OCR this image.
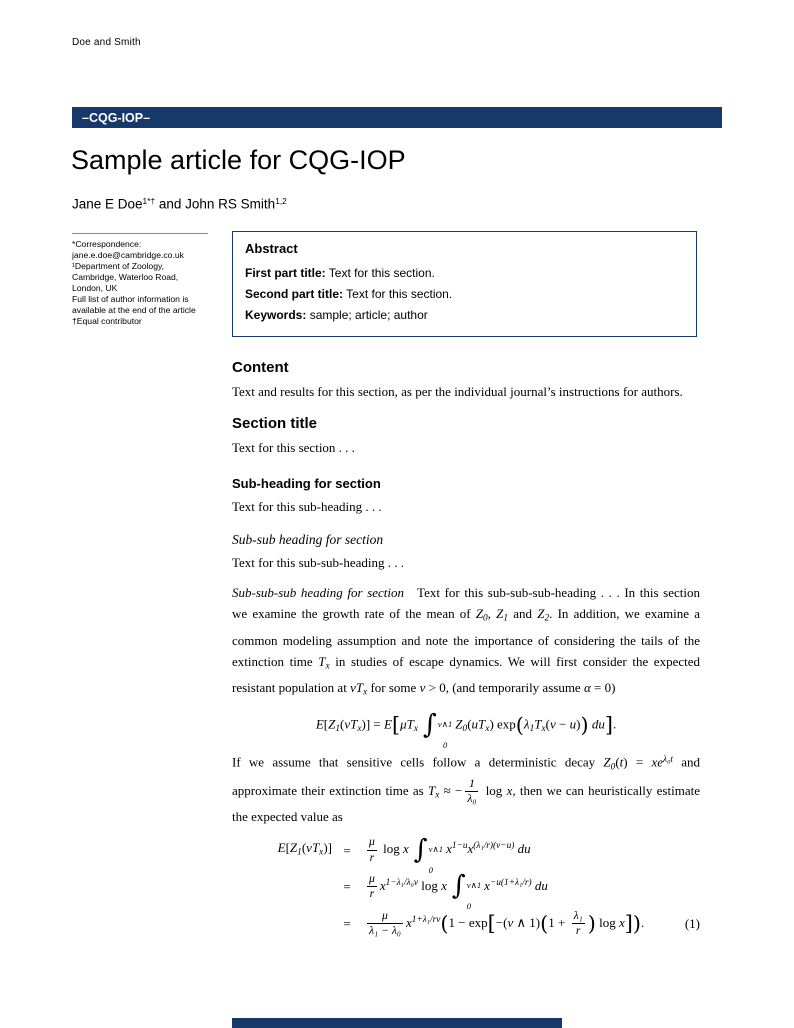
Doe and Smith
–CQG-IOP–
Sample article for CQG-IOP
Jane E Doe$^{1*\dagger}$ and John RS Smith$^{1,2}$
*Correspondence:
jane.e.doe@cambridge.co.uk
¹Department of Zoology,
Cambridge, Waterloo Road,
London, UK
Full list of author information is
available at the end of the article
†Equal contributor
Abstract
First part title: Text for this section.
Second part title: Text for this section.
Keywords: sample; article; author
Content

Text and results for this section, as per the individual journal’s instructions for authors.

Section title

Text for this section . . .

Sub-heading for section

Text for this sub-heading . . .

Sub-sub heading for section

Text for this sub-sub-heading . . .

Sub-sub-sub heading for section Text for this sub-sub-sub-heading . . . In this section we examine the growth rate of the mean of $Z_0$, $Z_1$ and $Z_2$. In addition, we examine a common modeling assumption and note the importance of considering the tails of the extinction time $T_x$ in studies of escape dynamics. We will first consider the expected resistant population at $vT_x$ for some v > 0, (and temporarily assume α = 0)

$E[Z_1(vT_x)] = E[\mu T_x$ ∫ v∧1
0
$Z_0(uT_x) \exp(\lambda_1T_x(v - u))$ du].

If we assume that sensitive cells follow a deterministic decay $Z_0(t) = xe^{\lambda_0t}$ and approximate their extinction time as $T_x$ ≈ − $\frac{1}{\text{λ₀}}$ log x, then we can heuristically estimate the expected value as

$E[Z_1(vT_x)]$ =	$\frac{\mu}{r}$ log x ∫ v∧1
0
$x^{1-u}x^{(\lambda_1/r)(v-u)}$ du
=	$\frac{\mu}{r} x^{1-\lambda_1/\lambda_0v}$ log x ∫ v∧1
0
$x^{-u(1+\lambda_1/r)}$ du
=	$\frac{\mu}{\text{λ₁ − λ₀}} x^{1+\lambda_1/rv}(1 - \exp[-(v$ ∧ $1)(1 + \frac{\text{λ₁}}{r}$ ) log x]).	(1)
